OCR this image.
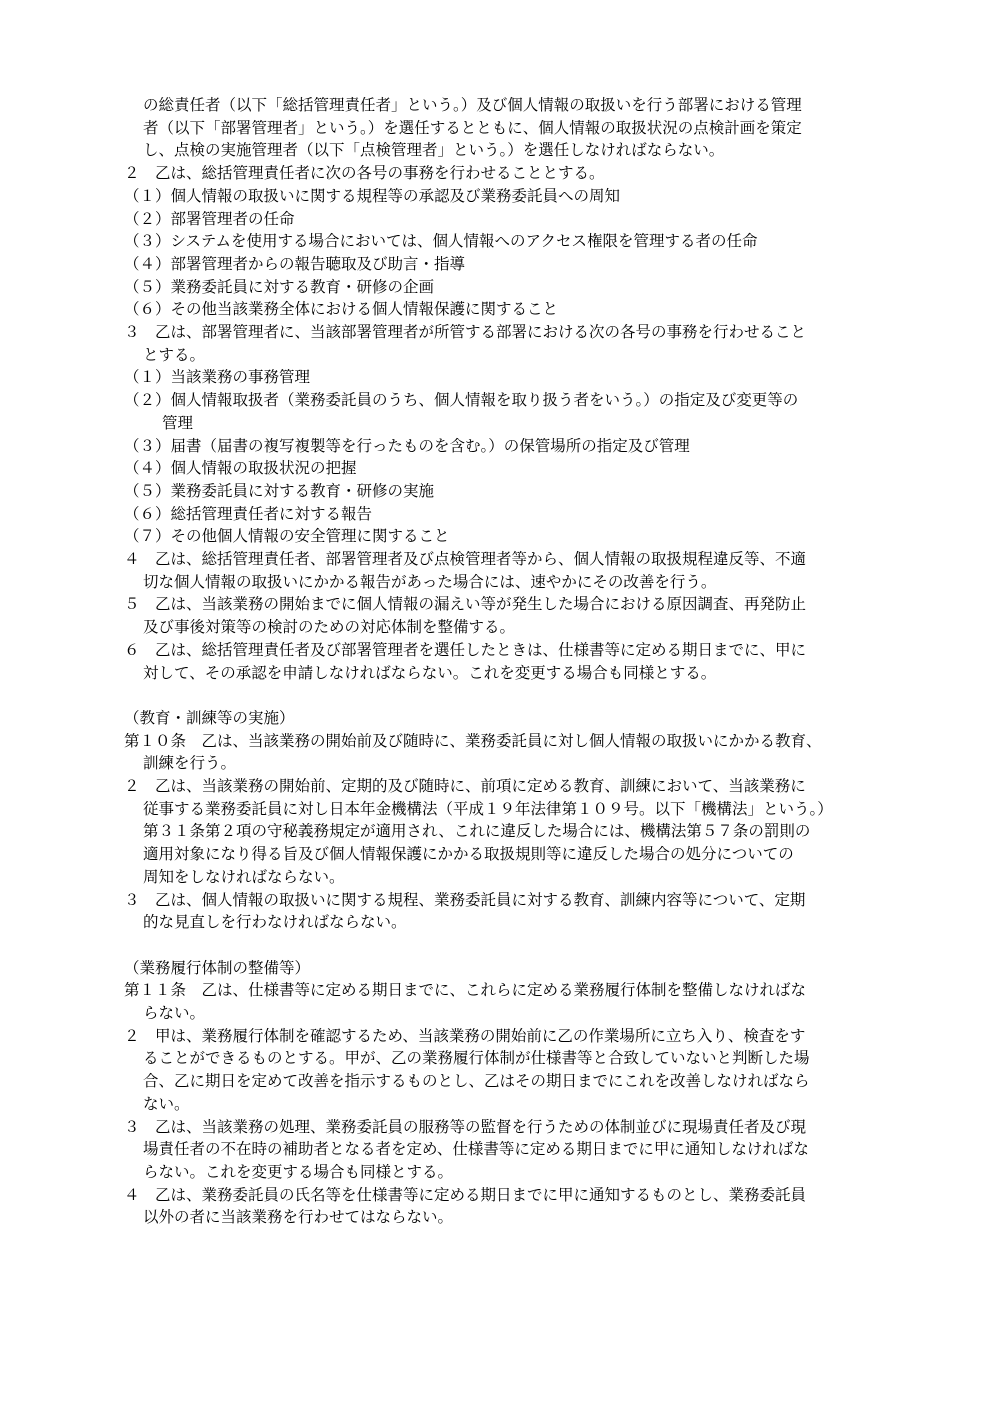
の総責任者（以下「総括管理責任者」という。）及び個人情報の取扱いを行う部署における管理
者（以下「部署管理者」という。）を選任するとともに、個人情報の取扱状況の点検計画を策定
し、点検の実施管理者（以下「点検管理者」という。）を選任しなければならない。
２　乙は、総括管理責任者に次の各号の事務を行わせることとする。
（１）個人情報の取扱いに関する規程等の承認及び業務委託員への周知
（２）部署管理者の任命
（３）システムを使用する場合においては、個人情報へのアクセス権限を管理する者の任命
（４）部署管理者からの報告聴取及び助言・指導
（５）業務委託員に対する教育・研修の企画
（６）その他当該業務全体における個人情報保護に関すること
３　乙は、部署管理者に、当該部署管理者が所管する部署における次の各号の事務を行わせること
とする。
（１）当該業務の事務管理
（２）個人情報取扱者（業務委託員のうち、個人情報を取り扱う者をいう。）の指定及び変更等の
管理
（３）届書（届書の複写複製等を行ったものを含む。）の保管場所の指定及び管理
（４）個人情報の取扱状況の把握
（５）業務委託員に対する教育・研修の実施
（６）総括管理責任者に対する報告
（７）その他個人情報の安全管理に関すること
４　乙は、総括管理責任者、部署管理者及び点検管理者等から、個人情報の取扱規程違反等、不適
切な個人情報の取扱いにかかる報告があった場合には、速やかにその改善を行う。
５　乙は、当該業務の開始までに個人情報の漏えい等が発生した場合における原因調査、再発防止
及び事後対策等の検討のための対応体制を整備する。
６　乙は、総括管理責任者及び部署管理者を選任したときは、仕様書等に定める期日までに、甲に
対して、その承認を申請しなければならない。これを変更する場合も同様とする。
（教育・訓練等の実施）
第１０条　乙は、当該業務の開始前及び随時に、業務委託員に対し個人情報の取扱いにかかる教育、
訓練を行う。
２　乙は、当該業務の開始前、定期的及び随時に、前項に定める教育、訓練において、当該業務に
従事する業務委託員に対し日本年金機構法（平成１９年法律第１０９号。以下「機構法」という。）
第３１条第２項の守秘義務規定が適用され、これに違反した場合には、機構法第５７条の罰則の
適用対象になり得る旨及び個人情報保護にかかる取扱規則等に違反した場合の処分についての
周知をしなければならない。
３　乙は、個人情報の取扱いに関する規程、業務委託員に対する教育、訓練内容等について、定期
的な見直しを行わなければならない。
（業務履行体制の整備等）
第１１条　乙は、仕様書等に定める期日までに、これらに定める業務履行体制を整備しなければな
らない。
２　甲は、業務履行体制を確認するため、当該業務の開始前に乙の作業場所に立ち入り、検査をす
ることができるものとする。甲が、乙の業務履行体制が仕様書等と合致していないと判断した場
合、乙に期日を定めて改善を指示するものとし、乙はその期日までにこれを改善しなければなら
ない。
３　乙は、当該業務の処理、業務委託員の服務等の監督を行うための体制並びに現場責任者及び現
場責任者の不在時の補助者となる者を定め、仕様書等に定める期日までに甲に通知しなければな
らない。これを変更する場合も同様とする。
４　乙は、業務委託員の氏名等を仕様書等に定める期日までに甲に通知するものとし、業務委託員
以外の者に当該業務を行わせてはならない。
